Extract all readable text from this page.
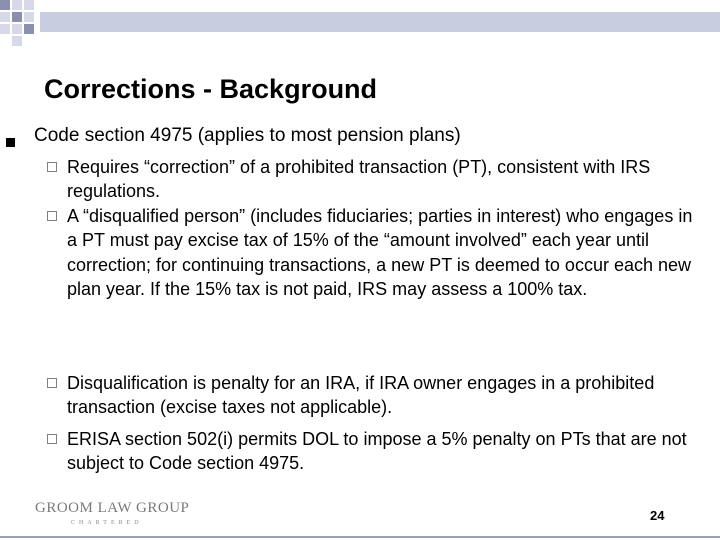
Corrections - Background
Code section 4975 (applies to most pension plans)
Requires “correction” of a prohibited transaction (PT), consistent with IRS regulations.
A “disqualified person” (includes fiduciaries; parties in interest) who engages in a PT must pay excise tax of 15% of the “amount involved” each year until correction; for continuing transactions, a new PT is deemed to occur each new plan year. If the 15% tax is not paid, IRS may assess a 100% tax.
Disqualification is penalty for an IRA, if IRA owner engages in a prohibited transaction (excise taxes not applicable).
ERISA section 502(i) permits DOL to impose a 5% penalty on PTs that are not subject to Code section 4975.
GROOM LAW GROUP
CHARTERED	24
